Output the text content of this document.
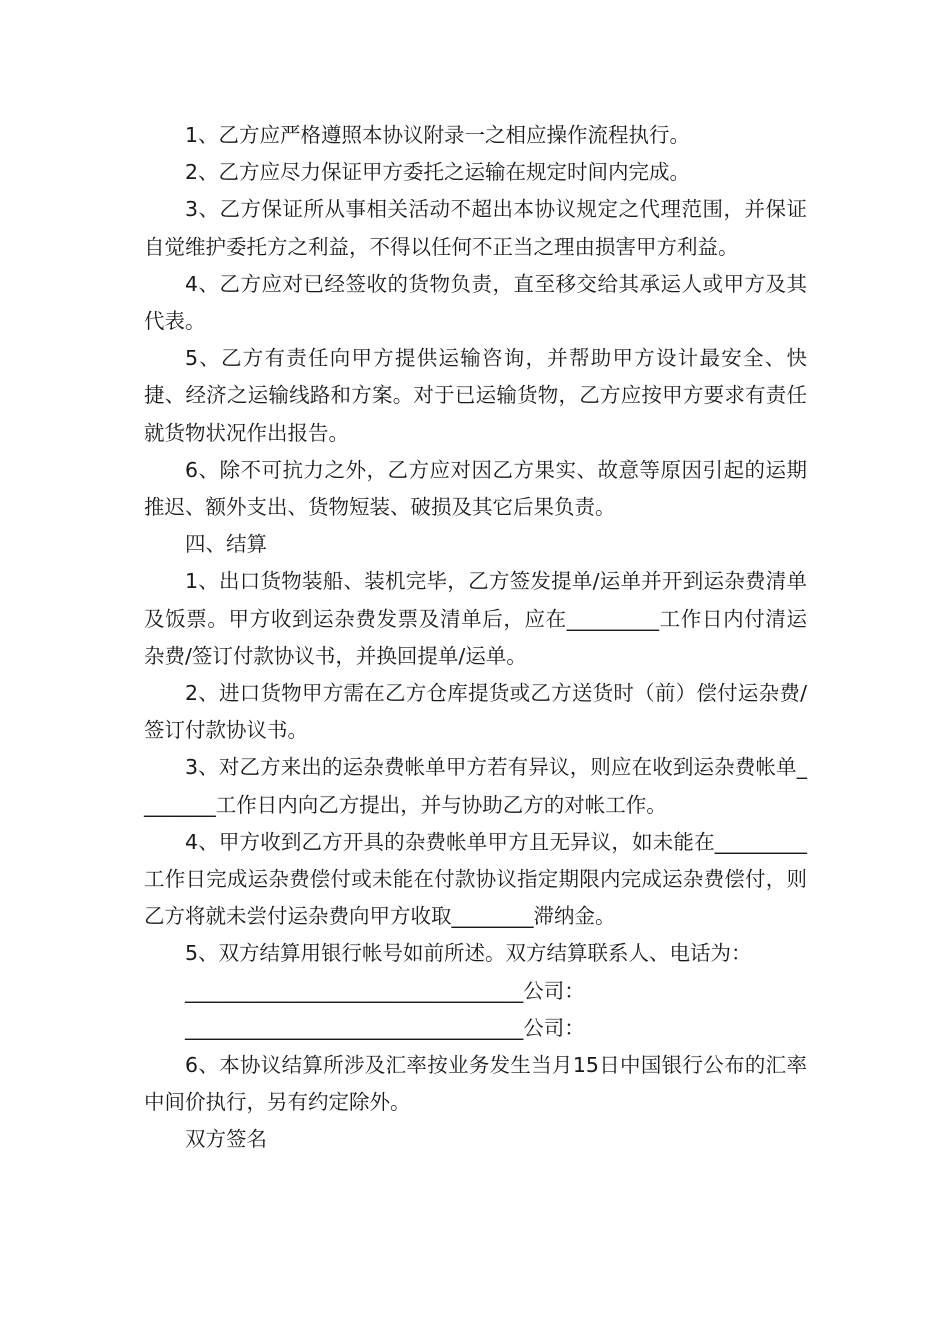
1、乙方应严格遵照本协议附录一之相应操作流程执行。

2、乙方应尽力保证甲方委托之运输在规定时间内完成。

3、乙方保证所从事相关活动不超出本协议规定之代理范围，并保证自觉维护委托方之利益，不得以任何不正当之理由损害甲方利益。

4、乙方应对已经签收的货物负责，直至移交给其承运人或甲方及其代表。

5、乙方有责任向甲方提供运输咨询，并帮助甲方设计最安全、快捷、经济之运输线路和方案。对于已运输货物，乙方应按甲方要求有责任就货物状况作出报告。

6、除不可抗力之外，乙方应对因乙方果实、故意等原因引起的运期推迟、额外支出、货物短装、破损及其它后果负责。

四、结算

1、出口货物装船、装机完毕，乙方签发提单/运单并开到运杂费清单及饭票。甲方收到运杂费发票及清单后，应在_________工作日内付清运杂费/签订付款协议书，并换回提单/运单。

2、进口货物甲方需在乙方仓库提货或乙方送货时（前）偿付运杂费/签订付款协议书。

3、对乙方来出的运杂费帐单甲方若有异议，则应在收到运杂费帐单________工作日内向乙方提出，并与协助乙方的对帐工作。

4、甲方收到乙方开具的杂费帐单甲方且无异议，如未能在_________工作日完成运杂费偿付或未能在付款协议指定期限内完成运杂费偿付，则乙方将就未尝付运杂费向甲方收取________滞纳金。

5、双方结算用银行帐号如前所述。双方结算联系人、电话为：

_________________________________公司：

_________________________________公司：

6、本协议结算所涉及汇率按业务发生当月15日中国银行公布的汇率中间价执行，另有约定除外。

双方签名
